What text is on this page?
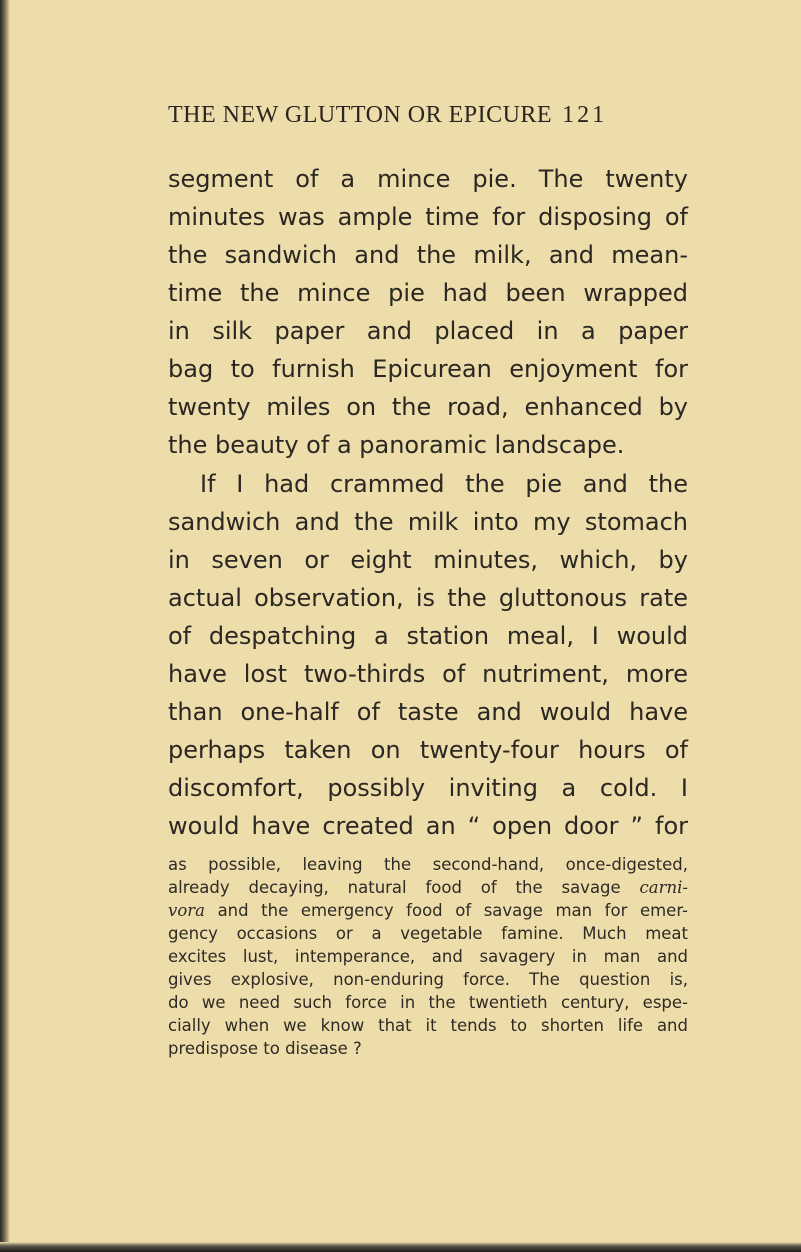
THE NEW GLUTTON OR EPICURE 121
segment of a mince pie. The twenty
minutes was ample time for disposing of
the sandwich and the milk, and mean-
time the mince pie had been wrapped
in silk paper and placed in a paper
bag to furnish Epicurean enjoyment for
twenty miles on the road, enhanced by
the beauty of a panoramic landscape.
If I had crammed the pie and the
sandwich and the milk into my stomach
in seven or eight minutes, which, by
actual observation, is the gluttonous rate
of despatching a station meal, I would
have lost two-thirds of nutriment, more
than one-half of taste and would have
perhaps taken on twenty-four hours of
discomfort, possibly inviting a cold. I
would have created an “ open door ” for
as possible, leaving the second-hand, once-digested,
already decaying, natural food of the savage carni-
vora and the emergency food of savage man for emer-
gency occasions or a vegetable famine. Much meat
excites lust, intemperance, and savagery in man and
gives explosive, non-enduring force. The question is,
do we need such force in the twentieth century, espe-
cially when we know that it tends to shorten life and
predispose to disease ?
